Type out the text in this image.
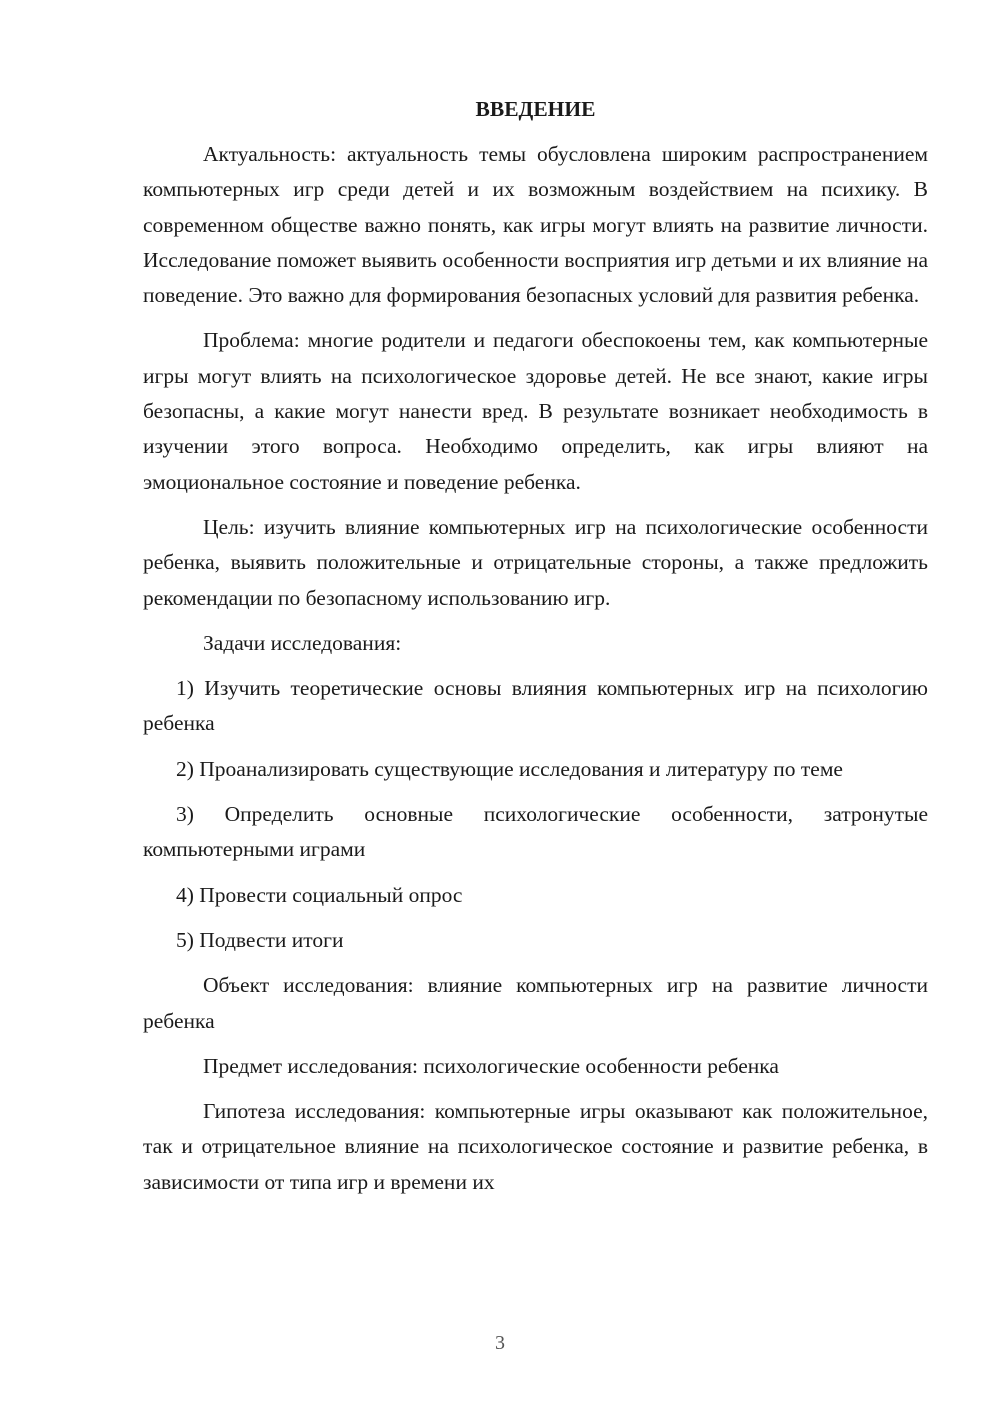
ВВЕДЕНИЕ

Актуальность: актуальность темы обусловлена широким распространением компьютерных игр среди детей и их возможным воздействием на психику. В современном обществе важно понять, как игры могут влиять на развитие личности. Исследование поможет выявить особенности восприятия игр детьми и их влияние на поведение. Это важно для формирования безопасных условий для развития ребенка.

Проблема: многие родители и педагоги обеспокоены тем, как компьютерные игры могут влиять на психологическое здоровье детей. Не все знают, какие игры безопасны, а какие могут нанести вред. В результате возникает необходимость в изучении этого вопроса. Необходимо определить, как игры влияют на эмоциональное состояние и поведение ребенка.

Цель: изучить влияние компьютерных игр на психологические особенности ребенка, выявить положительные и отрицательные стороны, а также предложить рекомендации по безопасному использованию игр.

Задачи исследования:

1) Изучить теоретические основы влияния компьютерных игр на психологию ребенка

2) Проанализировать существующие исследования и литературу по теме

3) Определить основные психологические особенности, затронутые компьютерными играми

4) Провести социальный опрос

5) Подвести итоги

Объект исследования: влияние компьютерных игр на развитие личности ребенка

Предмет исследования: психологические особенности ребенка

Гипотеза исследования: компьютерные игры оказывают как положительное, так и отрицательное влияние на психологическое состояние и развитие ребенка, в зависимости от типа игр и времени их

3
